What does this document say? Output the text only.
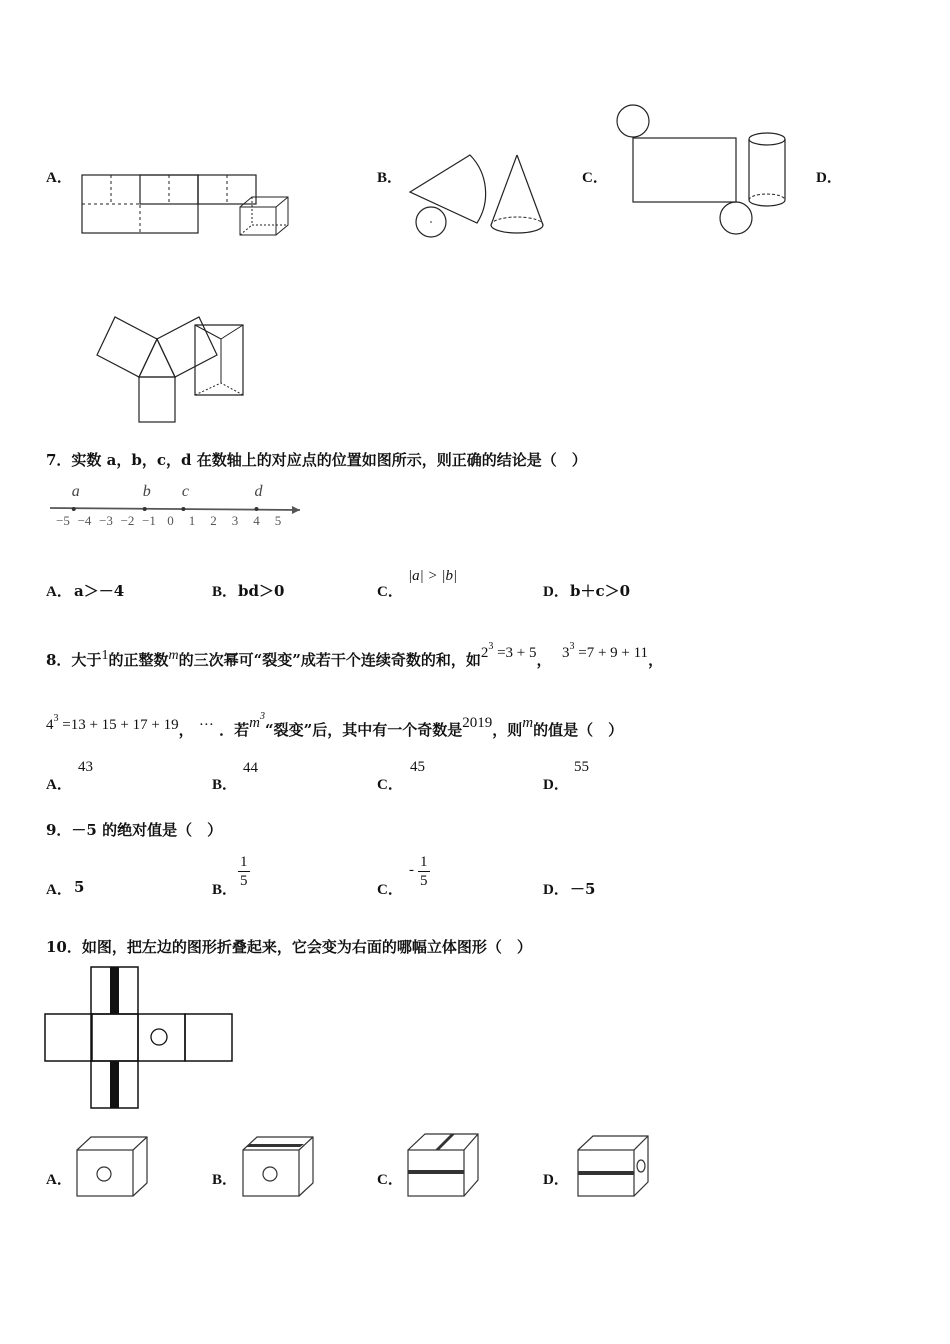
A．	B．	C．	D．
7．实数 a，b，c，d 在数轴上的对应点的位置如图所示，则正确的结论是（　）
−5 −4 −3 −2 −1 0 1 2 3 4 5
a	b c	d
A． a＞－4	B． bd＞0	C．
|a| > |b|
D． b＋c＞0
8．大于1的正整数m的三次幂可“裂变”成若干个连续奇数的和，如$2^3 =3 + 5$， $3^3 =7 + 9 + 11$，
$4^3 =13 + 15 + 17 + 19$， ··· ．若$m^3“$裂变”后，其中有一个奇数是2019，则m的值是（　）
A．
43
B．
44
C．
45
D．
55
9．－5 的绝对值是（　）
A． 5	B． $\frac{1}{5}$	C．
- $\frac{1}{5}$	D． －5
10．如图，把左边的图形折叠起来，它会变为右面的哪幅立体图形（　）
A．	B．	C．	D．
